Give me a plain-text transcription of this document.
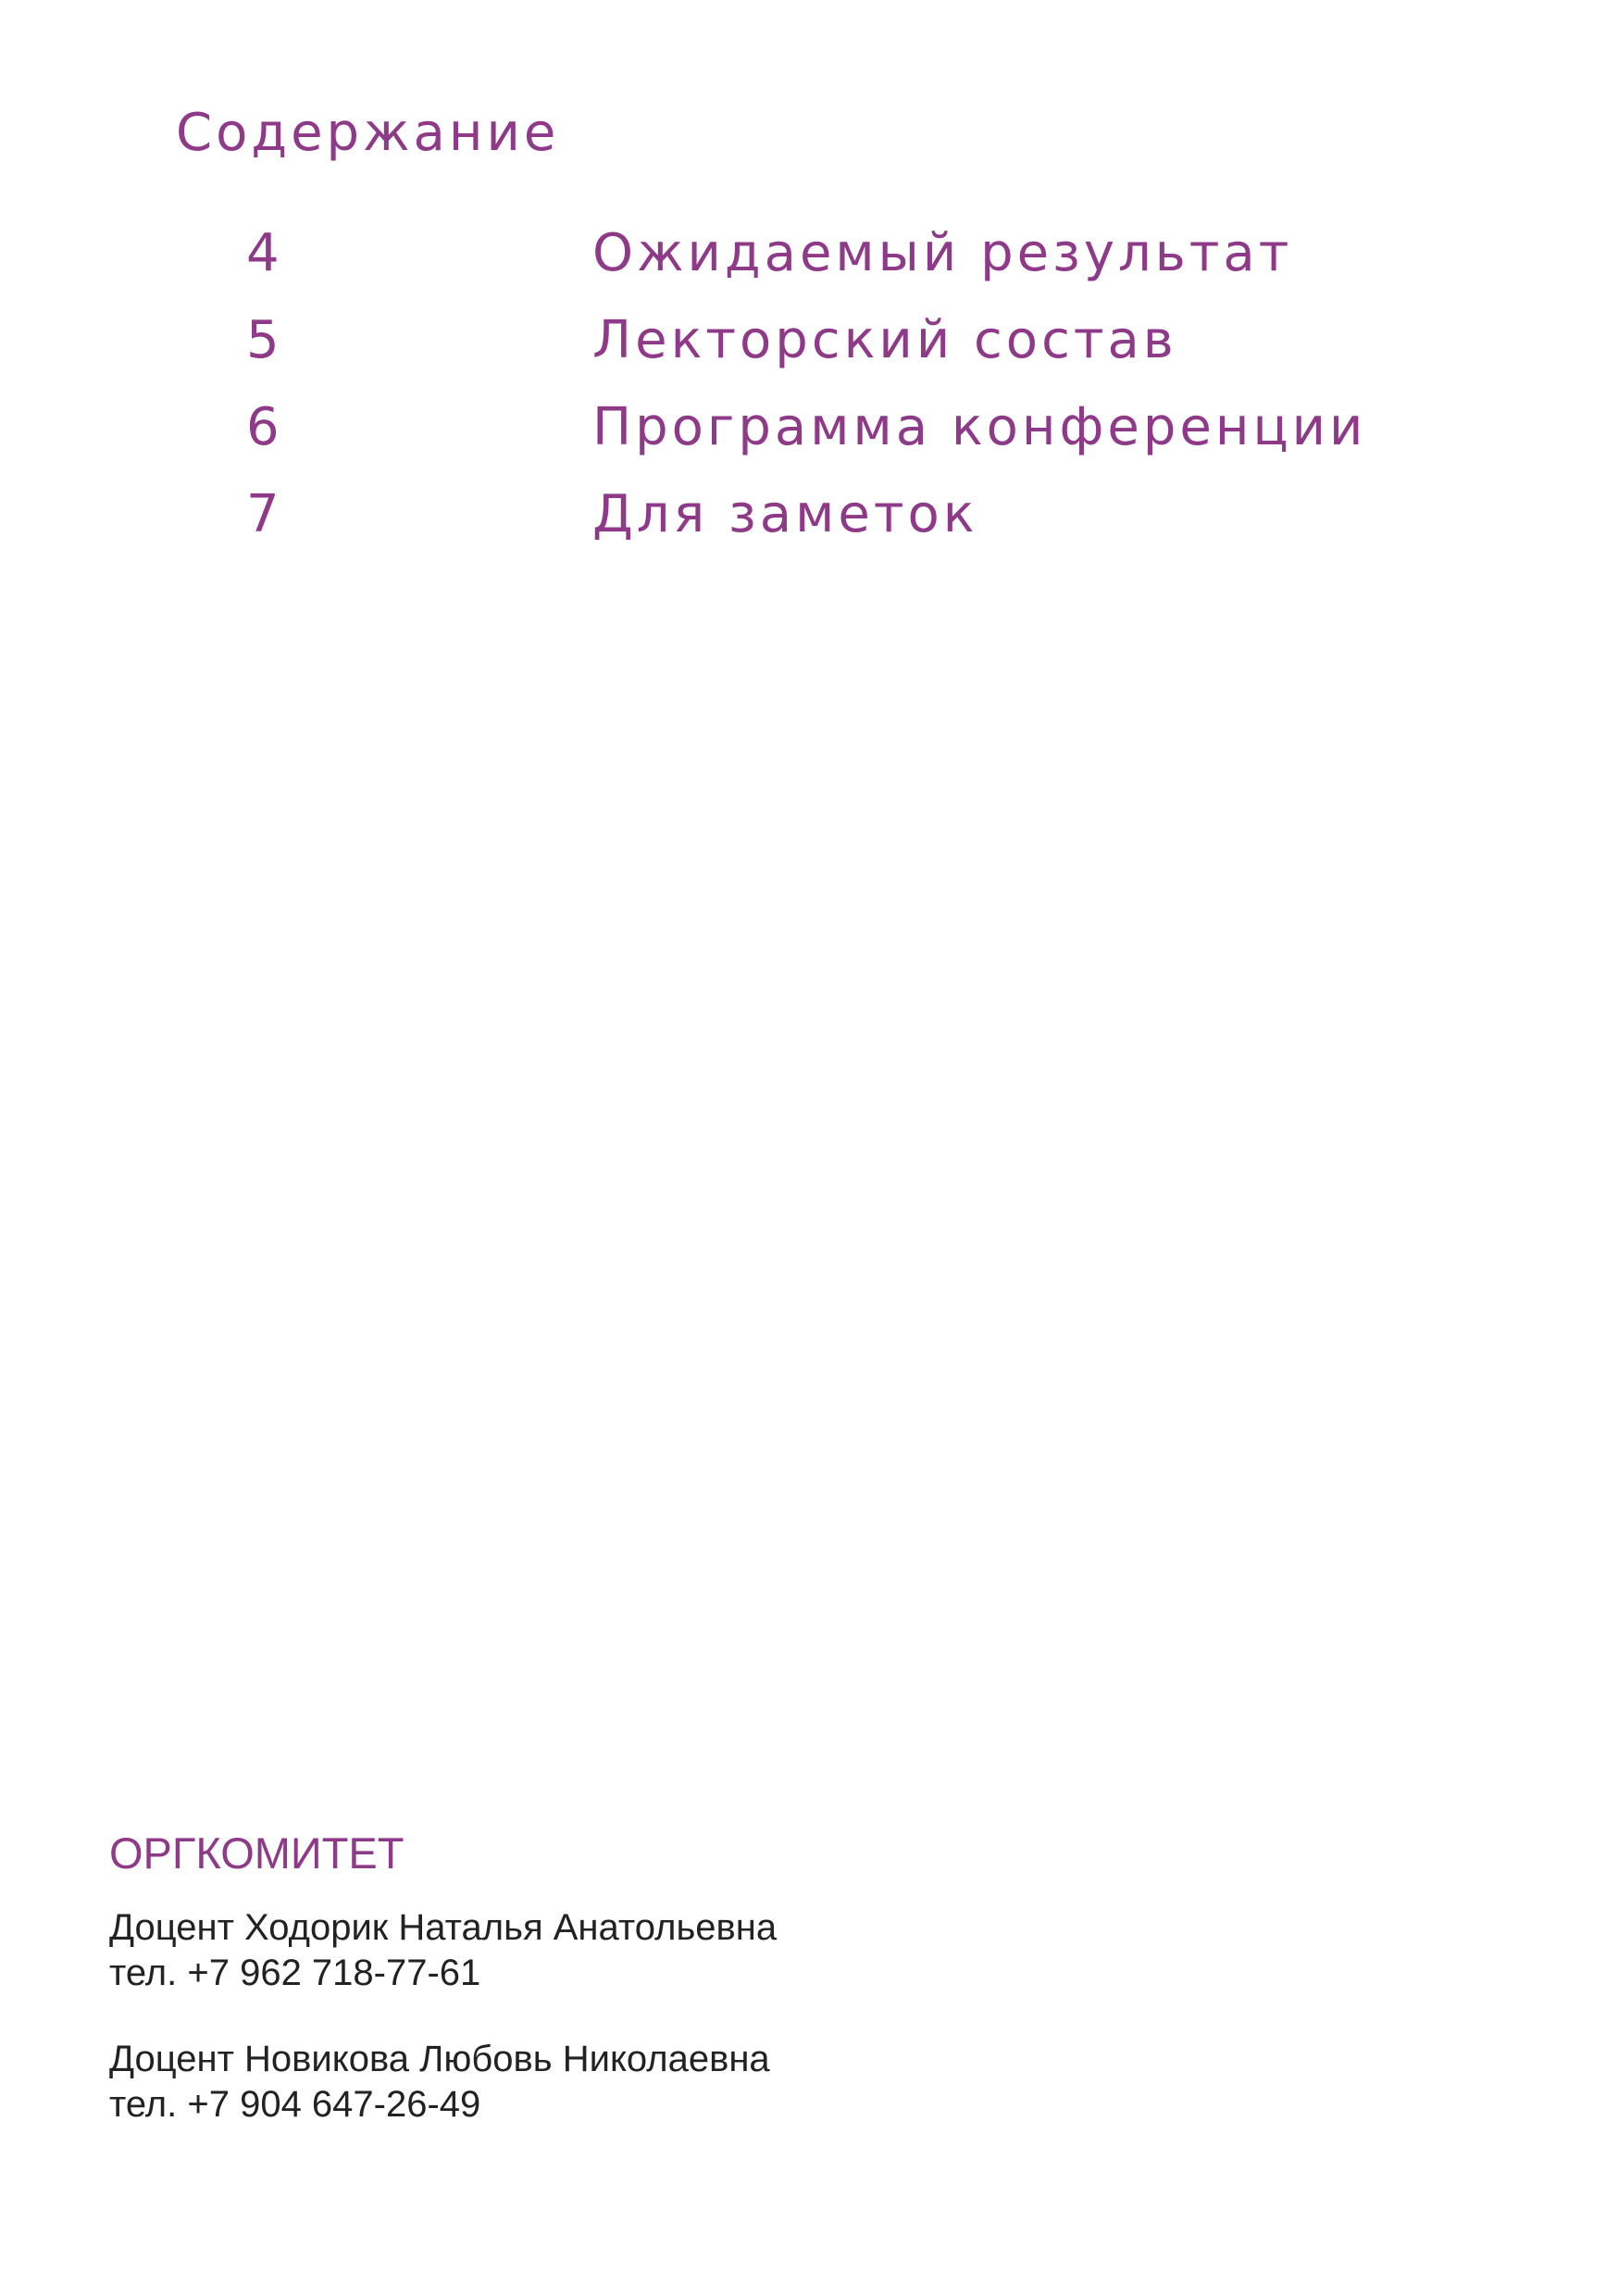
Содержание
4	Ожидаемый результат
5	Лекторский состав
6	Программа конференции
7	Для заметок
ОРГКОМИТЕТ
Доцент Ходорик Наталья Анатольевна
тел. +7 962 718-77-61
Доцент Новикова Любовь Николаевна
тел. +7 904 647-26-49
